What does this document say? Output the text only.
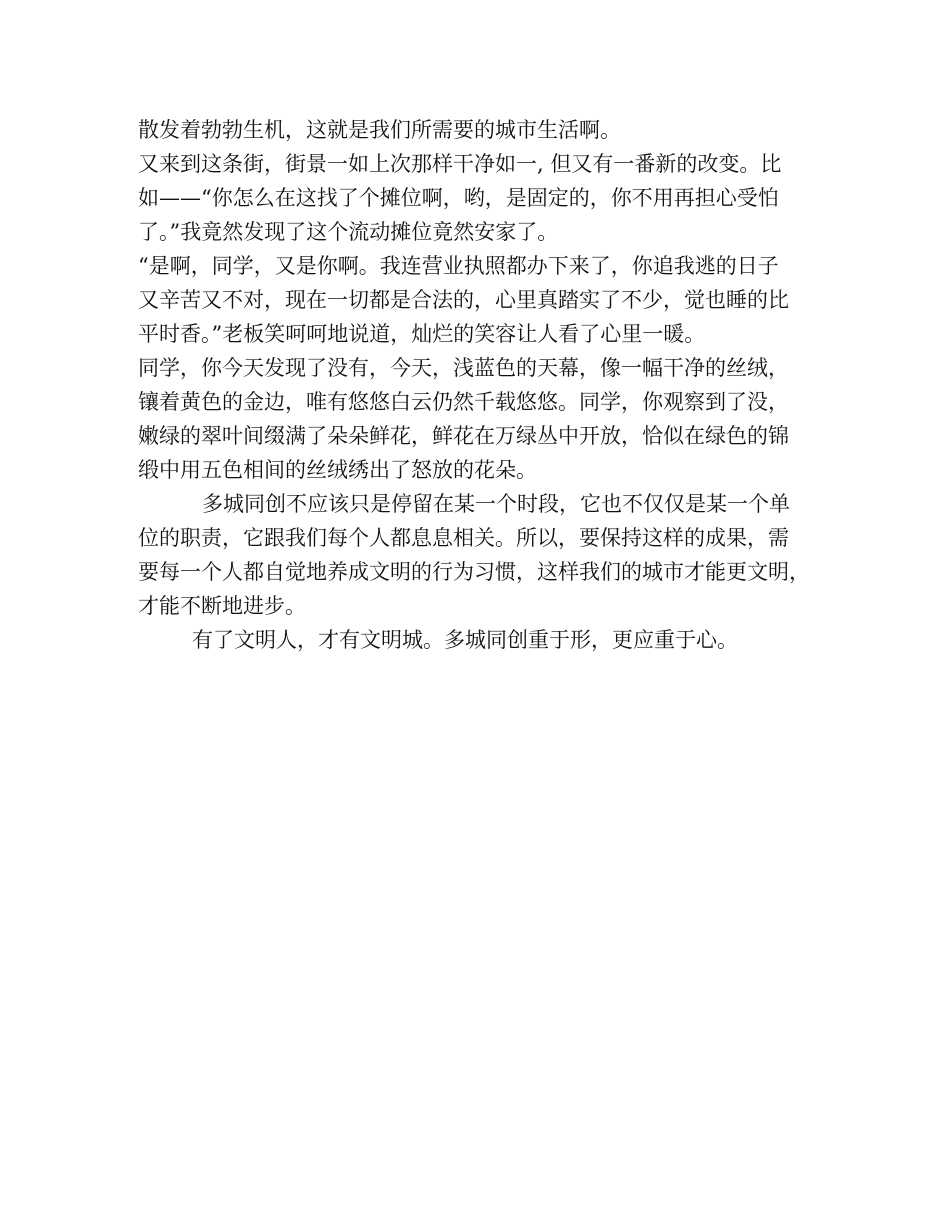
散发着勃勃生机，这就是我们所需要的城市生活啊。
又来到这条街，街景一如上次那样干净如一, 但又有一番新的改变。比
如——“你怎么在这找了个摊位啊，哟，是固定的，你不用再担心受怕
了。”我竟然发现了这个流动摊位竟然安家了。
“是啊，同学，又是你啊。我连营业执照都办下来了，你追我逃的日子
又辛苦又不对，现在一切都是合法的，心里真踏实了不少，觉也睡的比
平时香。”老板笑呵呵地说道，灿烂的笑容让人看了心里一暖。
同学，你今天发现了没有，今天，浅蓝色的天幕，像一幅干净的丝绒，
镶着黄色的金边，唯有悠悠白云仍然千载悠悠。同学，你观察到了没，
嫩绿的翠叶间缀满了朵朵鲜花，鲜花在万绿丛中开放，恰似在绿色的锦
缎中用五色相间的丝绒绣出了怒放的花朵。
多城同创不应该只是停留在某一个时段，它也不仅仅是某一个单
位的职责，它跟我们每个人都息息相关。所以，要保持这样的成果，需
要每一个人都自觉地养成文明的行为习惯，这样我们的城市才能更文明，
才能不断地进步。
有了文明人，才有文明城。多城同创重于形，更应重于心。
